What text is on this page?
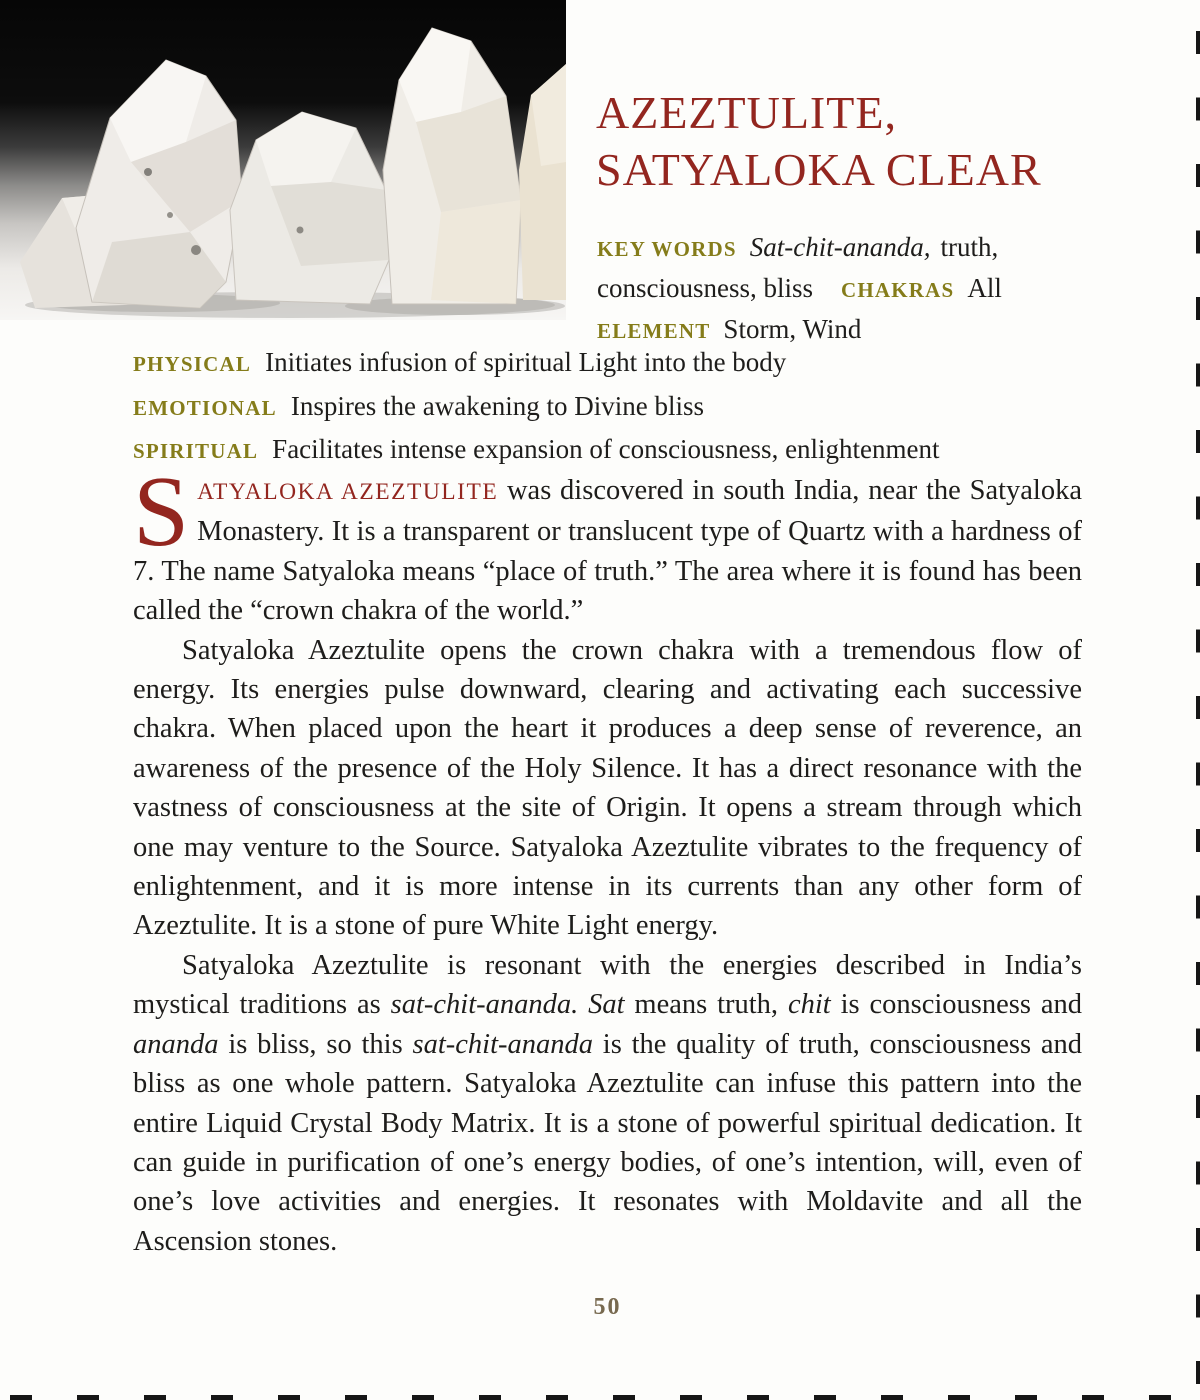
AZEZTULITE,
SATYALOKA CLEAR
KEY WORDS Sat-chit-ananda, truth,
consciousness, bliss CHAKRAS All
ELEMENT Storm, Wind
PHYSICAL Initiates infusion of spiritual Light into the body
EMOTIONAL Inspires the awakening to Divine bliss
SPIRITUAL Facilitates intense expansion of consciousness, enlightenment

SATYALOKA AZEZTULITE was discovered in south India, near the Satyaloka Monastery. It is a transparent or translucent type of Quartz with a hardness of 7. The name Satyaloka means “place of truth.” The area where it is found has been called the “crown chakra of the world.”

Satyaloka Azeztulite opens the crown chakra with a tremendous flow of energy. Its energies pulse downward, clearing and activating each successive chakra. When placed upon the heart it produces a deep sense of reverence, an awareness of the presence of the Holy Silence. It has a direct resonance with the vastness of consciousness at the site of Origin. It opens a stream through which one may venture to the Source. Satyaloka Azeztulite vibrates to the frequency of enlightenment, and it is more intense in its currents than any other form of Azeztulite. It is a stone of pure White Light energy.

Satyaloka Azeztulite is resonant with the energies described in India’s mystical traditions as sat-chit-ananda. Sat means truth, chit is consciousness and ananda is bliss, so this sat-chit-ananda is the quality of truth, consciousness and bliss as one whole pattern. Satyaloka Azeztulite can infuse this pattern into the entire Liquid Crystal Body Matrix. It is a stone of powerful spiritual dedication. It can guide in purification of one’s energy bodies, of one’s intention, will, even of one’s love activities and energies. It resonates with Moldavite and all the Ascension stones.

50
